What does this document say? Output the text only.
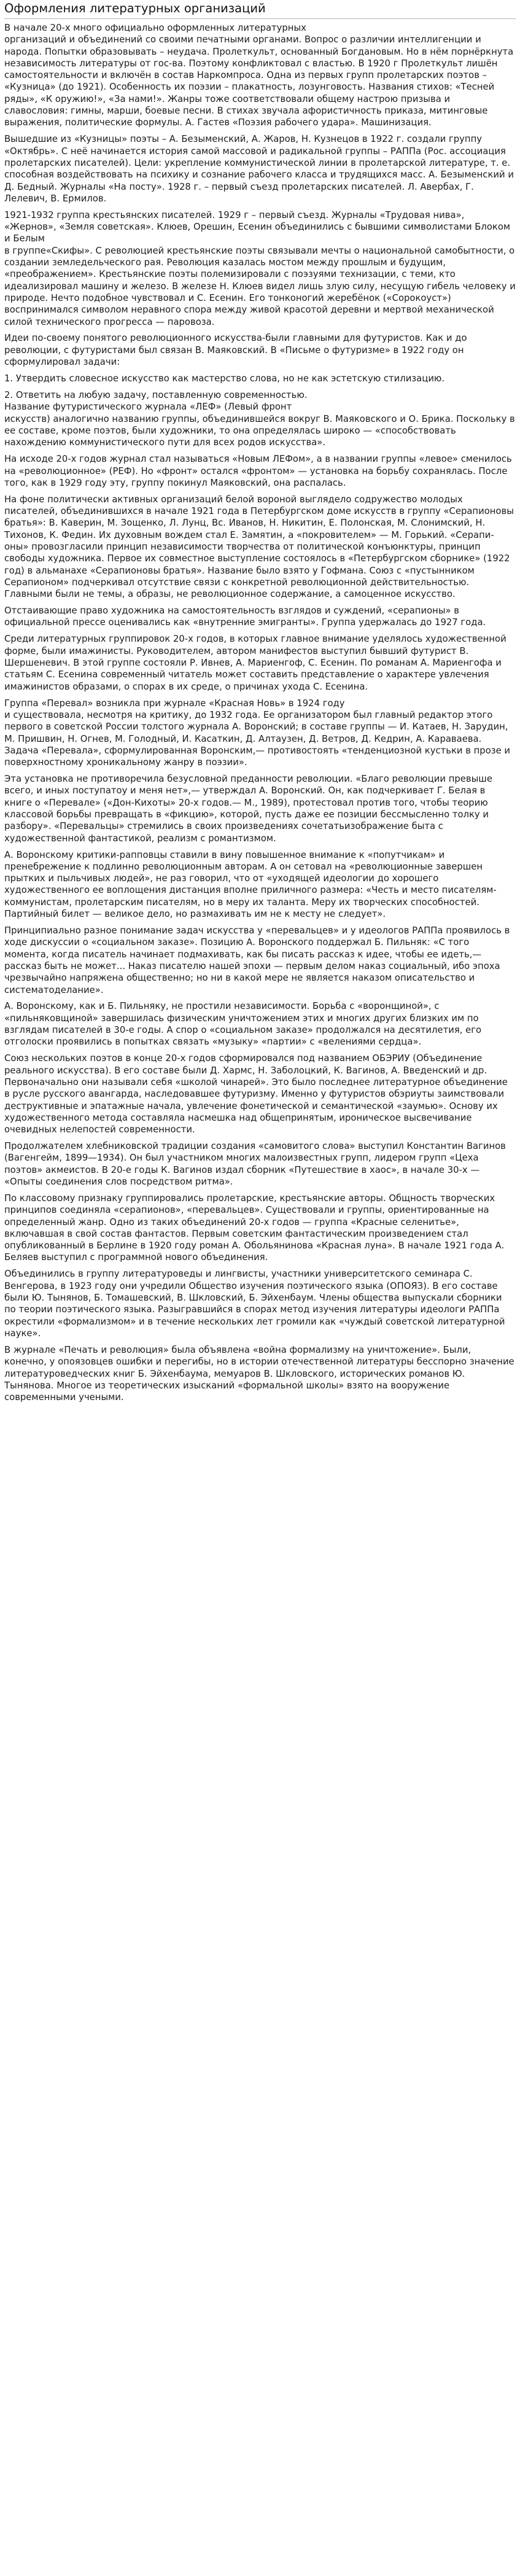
Оформления литературных организаций

В начале 20-х много официально оформленных литературных
организаций и объединений со своими печатными органами. Вопрос о различии интеллигенции и народа. Попытки образовывать – неудача. Пролеткульт, основанный Богдановым. Но в нём порнёркнута независимость литературы от гос-ва. Поэтому конфликтовал с властью. В 1920 г Пролеткульт лишён самостоятельности и включён в состав Наркомпроса. Одна из первых групп пролетарских поэтов – «Кузница» (до 1921). Особенность их поэзии – плакатность, лозунговость. Названия стихов: «Тесней ряды», «К оружию!», «За нами!». Жанры тоже соответствовали общему настрою призыва и славословия: гимны, марши, боевые песни. В стихах звучала афористичность приказа, митинговые выражения, политические формулы. А. Гастев «Поэзия рабочего удара». Машинизация.

Вышедшие из «Кузницы» поэты – А. Безыменский, А. Жаров, Н. Кузнецов в 1922 г. создали группу «Октябрь». С неё начинается история самой массовой и радикальной группы – РАППа (Рос. ассоциация пролетарских писателей). Цели: укрепление коммунистической линии в пролетарской литературе, т. е. способная воздействовать на психику и сознание рабочего класса и трудящихся масс. А. Безыменский и Д. Бедный. Журналы «На посту». 1928 г. – первый съезд пролетарских писателей. Л. Авербах, Г. Лелевич, В. Ермилов.

1921-1932 группа крестьянских писателей. 1929 г – первый съезд. Журналы «Трудовая нива», «Жернов», «Земля советская». Клюев, Орешин, Есенин объединились с бывшими символистами Блоком и Белым
в группе«Скифы». С революцией крестьянские поэты связывали мечты о национальной самобытности, о создании земледельческого рая. Революция казалась мостом между прошлым и будущим, «преображением». Крестьянские поэты полемизировали с поэзуями технизации, с теми, кто идеализировал машину и железо. В железе Н. Клюев видел лишь злую силу, несущую гибель человеку и природе. Нечто подобное чувствовал и С. Есенин. Его тонконогий жеребёнок («Сорокоуст») воспринимался символом неравного спора между живой красотой деревни и мертвой механической силой технического прогресса — паровоза.

Идеи по-своему понятого революционного искусства-были главными для футуристов. Как и до революции, с футуристами был связан В. Маяковский. В «Письме о футуризме» в 1922 году он сформулировал задачи:

1. Утвердить словесное искусство как мастерство слова, но не как эстетскую стилизацию.

2. Ответить на любую задачу, поставленную современностью.
Название футуристического журнала «ЛЕФ» (Левый фронт
искусств) аналогично названию группы, объединившейся вокруг В. Маяковского и О. Брика. Поскольку в ее составе, кроме поэтов, были художники, то она определялась широко — «способствовать нахождению коммунистического пути для всех родов искусства».

На исходе 20-х годов журнал стал называться «Новым ЛЕФом», а в названии группы «левое» сменилось на «революционное» (РЕФ). Но «фронт» остался «фронтом» — установка на борьбу сохранялась. После того, как в 1929 году эту, группу покинул Маяковский, она распалась.

На фоне политически активных организаций белой вороной выглядело содружество молодых писателей, объединившихся в начале 1921 года в Петербургском доме искусств в группу «Серапионовы братья»: В. Каверин, М. Зощенко, Л. Лунц, Вс. Иванов, Н. Никитин, Е. Полонская, М. Слонимский, Н. Тихонов, К. Федин. Их духовным вождем стал Е. Замятин, а «покровителем» — М. Горький. «Серапи-оны» провозгласили принцип независимости творчества от политической конъюнктуры, принцип свободы художника. Первое их совместное выступление состоялось в «Петербургском сборнике» (1922 год) в альманахе «Серапионовы братья». Название было взято у Гофмана. Союз с «пустынником Серапионом» подчеркивал отсутствие связи с конкретной революционной действительностью. Главными были не темы, а образы, не революционное содержание, а самоценное искусство.

Отстаивающие право художника на самостоятельность взглядов и суждений, «серапионы» в официальной прессе оценивались как «внутренние эмигранты». Группа удержалась до 1927 года.

Среди литературных группировок 20-х годов, в которых главное внимание уделялось художественной форме, были имажинисты. Руководителем, автором манифестов выступил бывший футурист В. Шершеневич. В этой группе состояли Р. Ивнев, А. Мариенгоф, С. Есенин. По романам А. Мариенгофа и статьям С. Есенина современный читатель может составить представление о характере увлечения имажинистов образами, о спорах в их среде, о причинах ухода С. Есенина.

Группа «Перевал» возникла при журнале «Красная Новь» в 1924 году
и существовала, несмотря на критику, до 1932 года. Ее организатором был главный редактор этого первого в советской России толстого журнала А. Воронский; в составе группы — И. Катаев, Н. Зарудин, М. Пришвин, Н. Огнев, М. Голодный, И. Касаткин, Д. Алтаузен, Д. Ветров, Д. Кедрин, А. Караваева. Задача «Перевала», сформулированная Воронским,— противостоять «тенденциозной кустьки в прозе и поверхностному хроникальному жанру в поэзии».

Эта установка не противоречила безусловной преданности революции. «Благо революции превыше всего, и иных поступатоу и меня нет»,— утверждал А. Воронский. Он, как подчеркивает Г. Белая в книге о «Перевале» («Дон-Кихоты» 20-х годов.— М., 1989), протестовал против того, чтобы теорию классовой борьбы превращать в «фикцию», которой, пусть даже ее позиции бессмысленно толку и разбору». «Перевальцы» стремились в своих произведениях сочетатьизображение быта с художественной фантастикой, реализм с романтизмом.

А. Воронскому критики-рапповцы ставили в вину повышенное внимание к «попутчикам» и пренебрежение к подлинно революционным авторам. А он сетовал на «революционные завершен прытких и пыльчивых людей», не раз говорил, что от «уходящей идеологии до хорошего художественного ее воплощения дистанция вполне приличного размера: «Честь и место писателям-коммунистам, пролетарским писателям, но в меру их таланта. Меру их творческих способностей. Партийный билет — великое дело, но размахивать им не к месту не следует».

Принципиально разное понимание задач искусства у «перевальцев» и у идеологов РАППа проявилось в ходе дискуссии о «социальном заказе». Позицию А. Воронского поддержал Б. Пильняк: «С того момента, когда писатель начинает подмахивать, как бы писать рассказ к идее, чтобы ее идеть,— рассказ быть не может... Наказ писателю нашей эпохи — первым делом наказ социальный, ибо эпоха чрезвычайно напряжена общественно; но ни в какой мере не является наказом описательство и систематоделание».

А. Воронскому, как и Б. Пильняку, не простили независимости. Борьба с «воронщиной», с «пильняковщиной» завершилась физическим уничтожением этих и многих других близких им по взглядам писателей в 30-е годы. А спор о «социальном заказе» продолжался на десятилетия, его отголоски проявились в попытках связать «музыку» «партии» с «велениями сердца».

Союз нескольких поэтов в конце 20-х годов сформировался под названием ОБЭРИУ (Объединение реального искусства). В его составе были Д. Хармс, Н. Заболоцкий, К. Вагинов, А. Введенский и др. Первоначально они называли себя «школой чинарей». Это было последнее литературное объединение в русле русского авангарда, наследовавшее футуризму. Именно у футуристов обэриуты заимствовали деструктивные и эпатажные начала, увлечение фонетической и семантической «заумью». Основу их художественного метода составляла насмешка над общепринятым, ироническое высвечивание очевидных нелепостей современности.

Продолжателем хлебниковской традиции создания «самовитого слова» выступил Константин Вагинов (Вагенгейм, 1899—1934). Он был участником многих малоизвестных групп, лидером групп «Цеха поэтов» акмеистов. В 20-е годы К. Вагинов издал сборник «Путешествие в хаос», в начале 30-х — «Опыты соединения слов посредством ритма».

По классовому признаку группировались пролетарские, крестьянские авторы. Общность творческих принципов соединяла «серапионов», «перевальцев». Существовали и группы, ориентированные на определенный жанр. Одно из таких объединений 20-х годов — группа «Красные селенитье», включавшая в свой состав фантастов. Первым советским фантастическим произведением стал опубликованный в Берлине в 1920 году роман А. Обольянинова «Красная луна». В начале 1921 года А. Беляев выступил с программной нового объединения.

Объединились в группу литературоведы и лингвисты, участники университетского семинара С. Венгерова, в 1923 году они учредили Общество изучения поэтического языка (ОПОЯЗ). В его составе были Ю. Тынянов, Б. Томашевский, В. Шкловский, Б. Эйхенбаум. Члены общества выпускали сборники по теории поэтического языка. Разыгравшийся в спорах метод изучения литературы идеологи РАППа окрестили «формализмом» и в течение нескольких лет громили как «чуждый советской литературной науке».

В журнале «Печать и революция» была объявлена «война формализму на уничтожение». Были, конечно, у опоязовцев ошибки и перегибы, но в истории отечественной литературы бесспорно значение литературоведческих книг Б. Эйхенбаума, мемуаров В. Шкловского, исторических романов Ю. Тынянова. Многое из теоретических изысканий «формальной школы» взято на вооружение современными учеными.
